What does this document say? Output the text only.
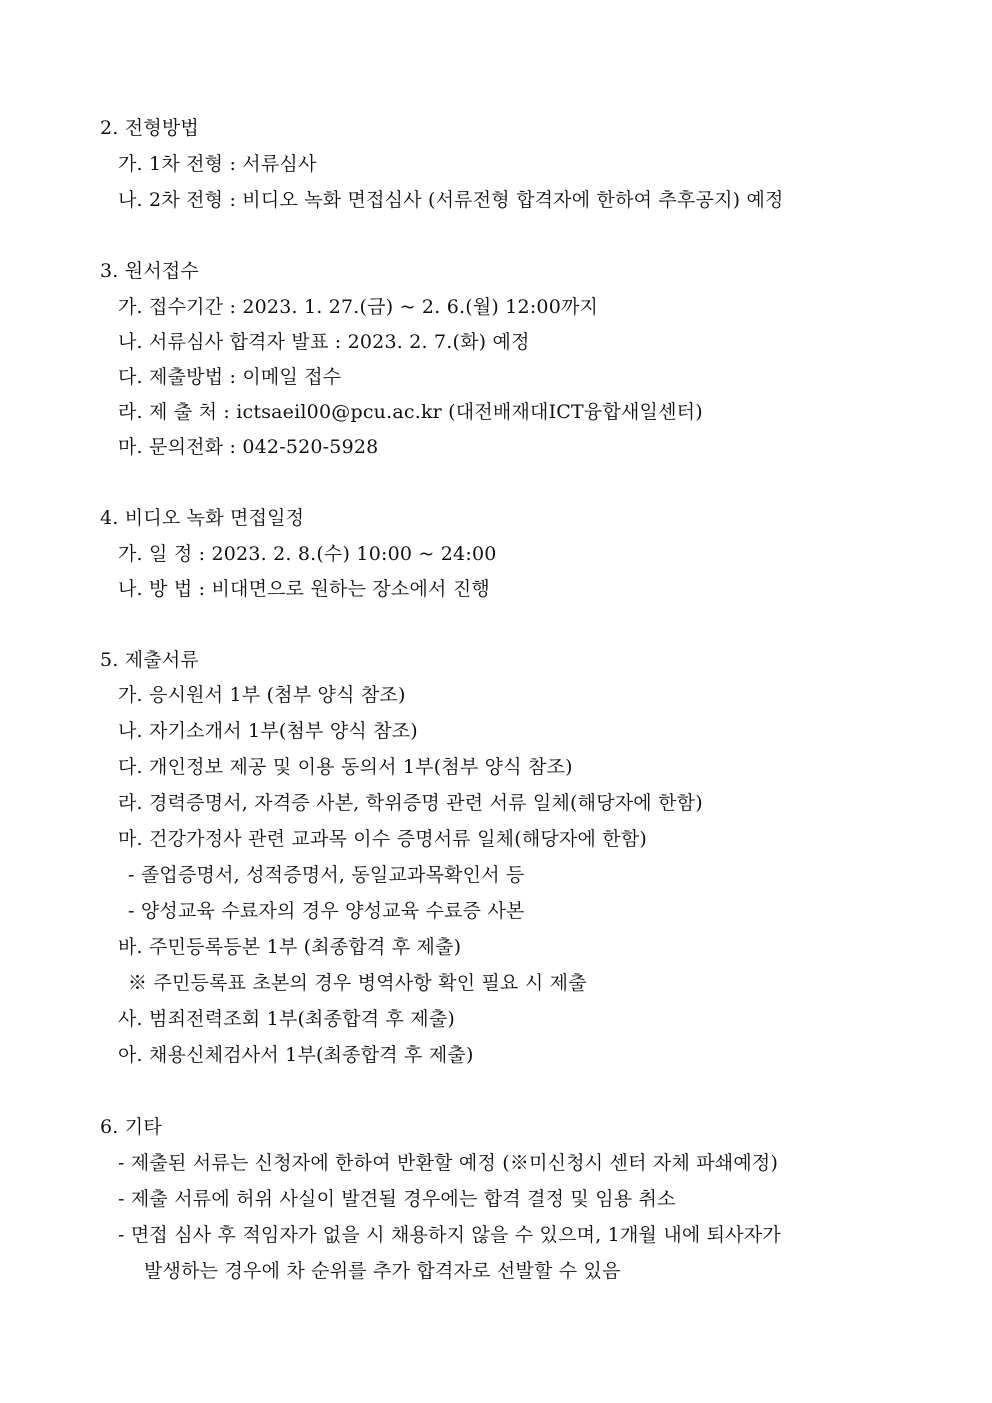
2. 전형방법
가. 1차 전형 : 서류심사
나. 2차 전형 : 비디오 녹화 면접심사 (서류전형 합격자에 한하여 추후공지) 예정
3. 원서접수
가. 접수기간 : 2023. 1. 27.(금) ~ 2. 6.(월) 12:00까지
나. 서류심사 합격자 발표 : 2023. 2. 7.(화) 예정
다. 제출방법 : 이메일 접수
라. 제 출 처 : ictsaeil00@pcu.ac.kr (대전배재대ICT융합새일센터)
마. 문의전화 : 042-520-5928
4. 비디오 녹화 면접일정
가. 일 정 : 2023. 2. 8.(수) 10:00 ~ 24:00
나. 방 법 : 비대면으로 원하는 장소에서 진행
5. 제출서류
가. 응시원서 1부 (첨부 양식 참조)
나. 자기소개서 1부(첨부 양식 참조)
다. 개인정보 제공 및 이용 동의서 1부(첨부 양식 참조)
라. 경력증명서, 자격증 사본, 학위증명 관련 서류 일체(해당자에 한함)
마. 건강가정사 관련 교과목 이수 증명서류 일체(해당자에 한함)
- 졸업증명서, 성적증명서, 동일교과목확인서 등
- 양성교육 수료자의 경우 양성교육 수료증 사본
바. 주민등록등본 1부 (최종합격 후 제출)
※ 주민등록표 초본의 경우 병역사항 확인 필요 시 제출
사. 범죄전력조회 1부(최종합격 후 제출)
아. 채용신체검사서 1부(최종합격 후 제출)
6. 기타
- 제출된 서류는 신청자에 한하여 반환할 예정 (※미신청시 센터 자체 파쇄예정)
- 제출 서류에 허위 사실이 발견될 경우에는 합격 결정 및 임용 취소
- 면접 심사 후 적임자가 없을 시 채용하지 않을 수 있으며, 1개월 내에 퇴사자가
발생하는 경우에 차 순위를 추가 합격자로 선발할 수 있음
